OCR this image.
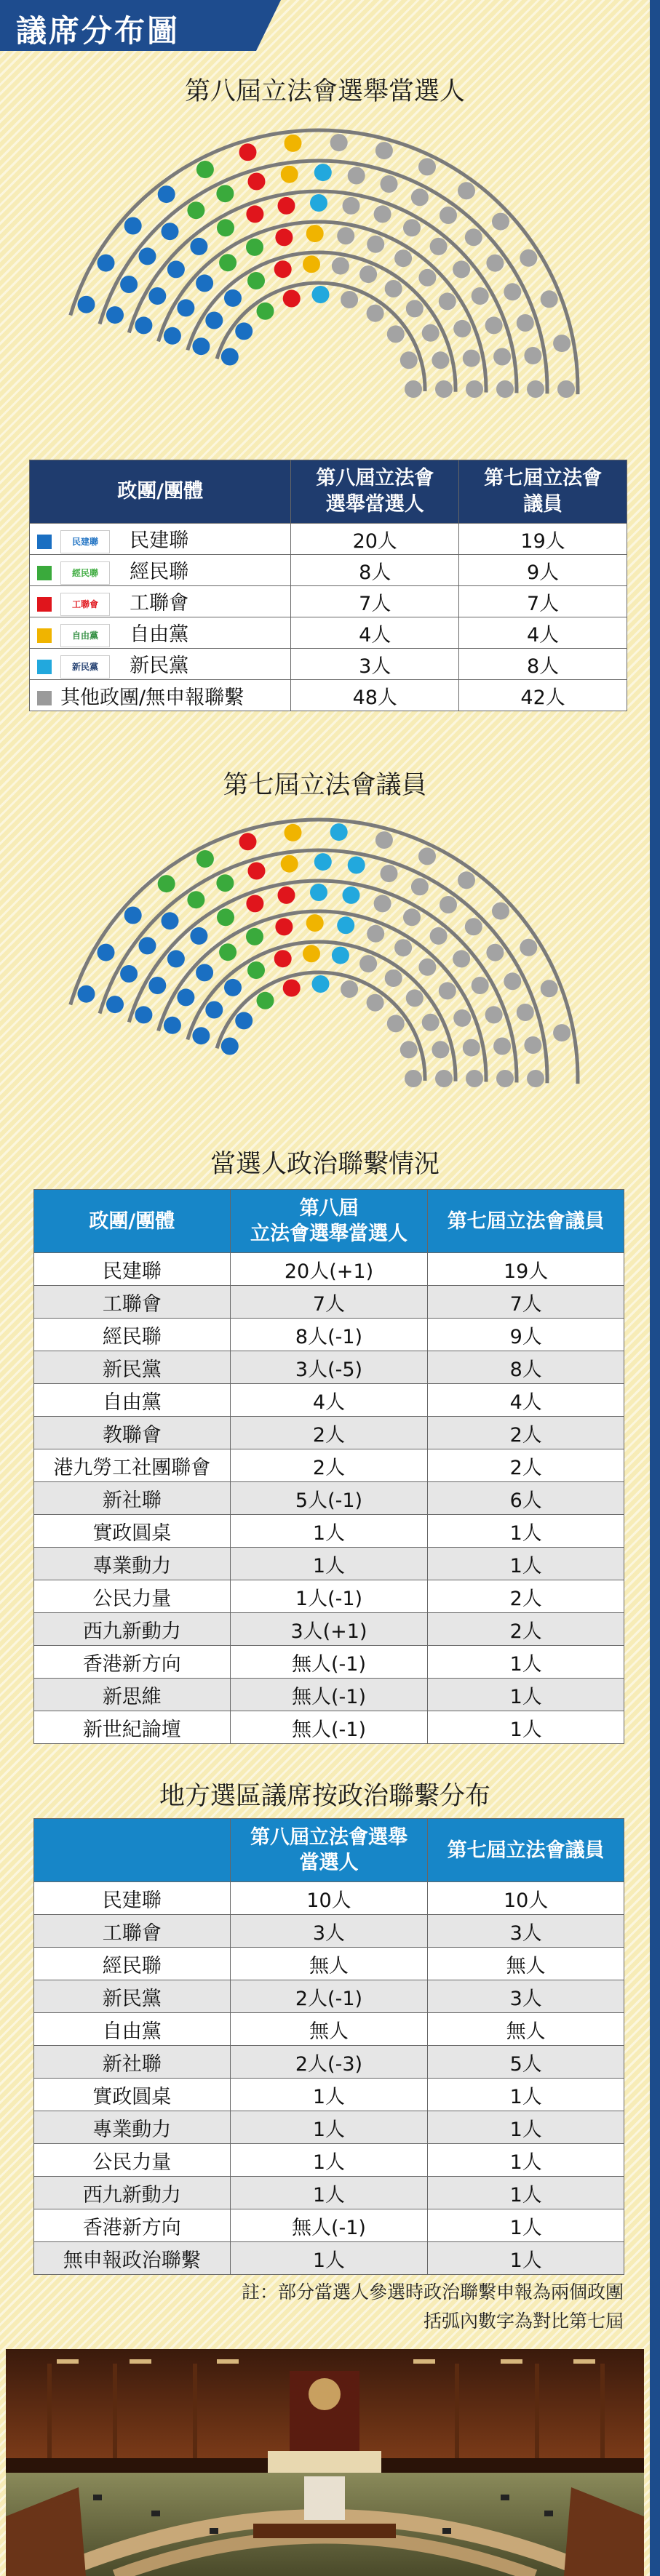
議席分布圖
第八屆立法會選舉當選人
政團/團體	第八屆立法會
選舉當選人	第七屆立法會
議員
民建聯 民建聯	20人	19人
經民聯 經民聯	8人	9人
工聯會 工聯會	7人	7人
自由黨 自由黨	4人	4人
新民黨 新民黨	3人	8人
其他政團/無申報聯繫	48人	42人
第七屆立法會議員
當選人政治聯繫情況
政團/團體	第八屆
立法會選舉當選人	第七屆立法會議員
民建聯	20人(+1)	19人
工聯會	7人	7人
經民聯	8人(-1)	9人
新民黨	3人(-5)	8人
自由黨	4人	4人
教聯會	2人	2人
港九勞工社團聯會	2人	2人
新社聯	5人(-1)	6人
實政圓桌	1人	1人
專業動力	1人	1人
公民力量	1人(-1)	2人
西九新動力	3人(+1)	2人
香港新方向	無人(-1)	1人
新思維	無人(-1)	1人
新世紀論壇	無人(-1)	1人
地方選區議席按政治聯繫分布
	第八屆立法會選舉
當選人	第七屆立法會議員
民建聯	10人	10人
工聯會	3人	3人
經民聯	無人	無人
新民黨	2人(-1)	3人
自由黨	無人	無人
新社聯	2人(-3)	5人
實政圓桌	1人	1人
專業動力	1人	1人
公民力量	1人	1人
西九新動力	1人	1人
香港新方向	無人(-1)	1人
無申報政治聯繫	1人	1人
註：部分當選人參選時政治聯繫申報為兩個政團
括弧內數字為對比第七屆
